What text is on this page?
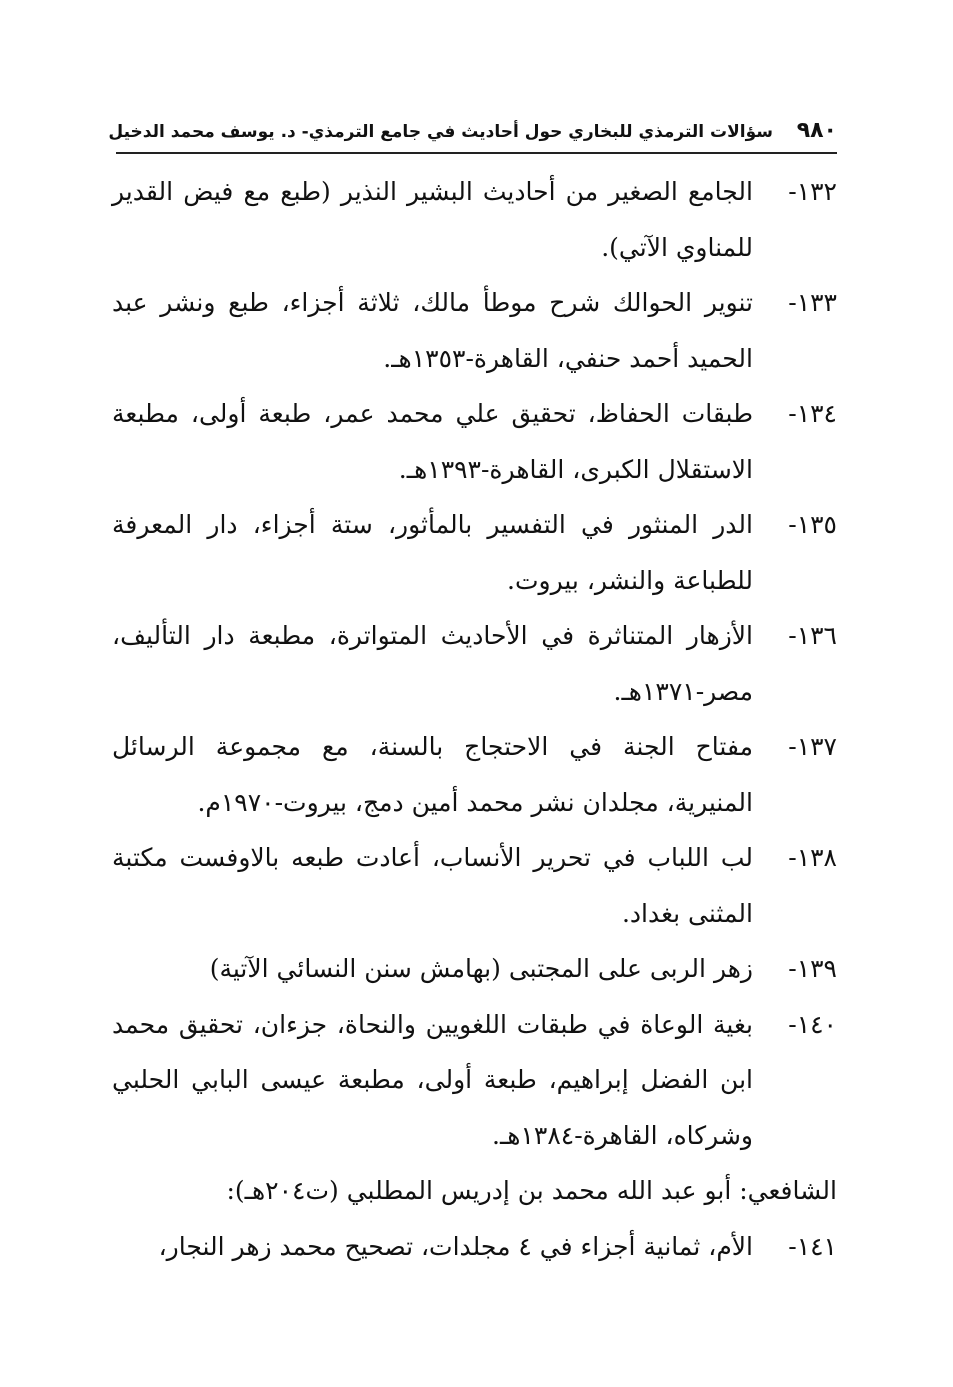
٩٨٠
سؤالات الترمذي للبخاري حول أحاديث في جامع الترمذي- د. يوسف محمد الدخيل
١٣٢-
الجامع الصغير من أحاديث البشير النذير (طبع مع فيض القدير للمناوي الآتي).
١٣٣-
تنوير الحوالك شرح موطأ مالك، ثلاثة أجزاء، طبع ونشر عبد الحميد أحمد حنفي، القاهرة-١٣٥٣هـ.
١٣٤-
طبقات الحفاظ، تحقيق علي محمد عمر، طبعة أولى، مطبعة الاستقلال الكبرى، القاهرة-١٣٩٣هـ.
١٣٥-
الدر المنثور في التفسير بالمأثور، ستة أجزاء، دار المعرفة للطباعة والنشر، بيروت.
١٣٦-
الأزهار المتناثرة في الأحاديث المتواترة، مطبعة دار التأليف، مصر-١٣٧١هـ.
١٣٧-
مفتاح الجنة في الاحتجاج بالسنة، مع مجموعة الرسائل المنيرية، مجلدان نشر محمد أمين دمج، بيروت-١٩٧٠م.
١٣٨-
لب اللباب في تحرير الأنساب، أعادت طبعه بالاوفست مكتبة المثنى بغداد.
١٣٩-
زهر الربى على المجتبى (بهامش سنن النسائي الآتية)
١٤٠-
بغية الوعاة في طبقات اللغويين والنحاة، جزءان، تحقيق محمد ابن الفضل إبراهيم، طبعة أولى، مطبعة عيسى البابي الحلبي وشركاه، القاهرة-١٣٨٤هـ.
الشافعي: أبو عبد الله محمد بن إدريس المطلبي (ت٢٠٤هـ):
١٤١-
الأم، ثمانية أجزاء في ٤ مجلدات، تصحيح محمد زهر النجار،
